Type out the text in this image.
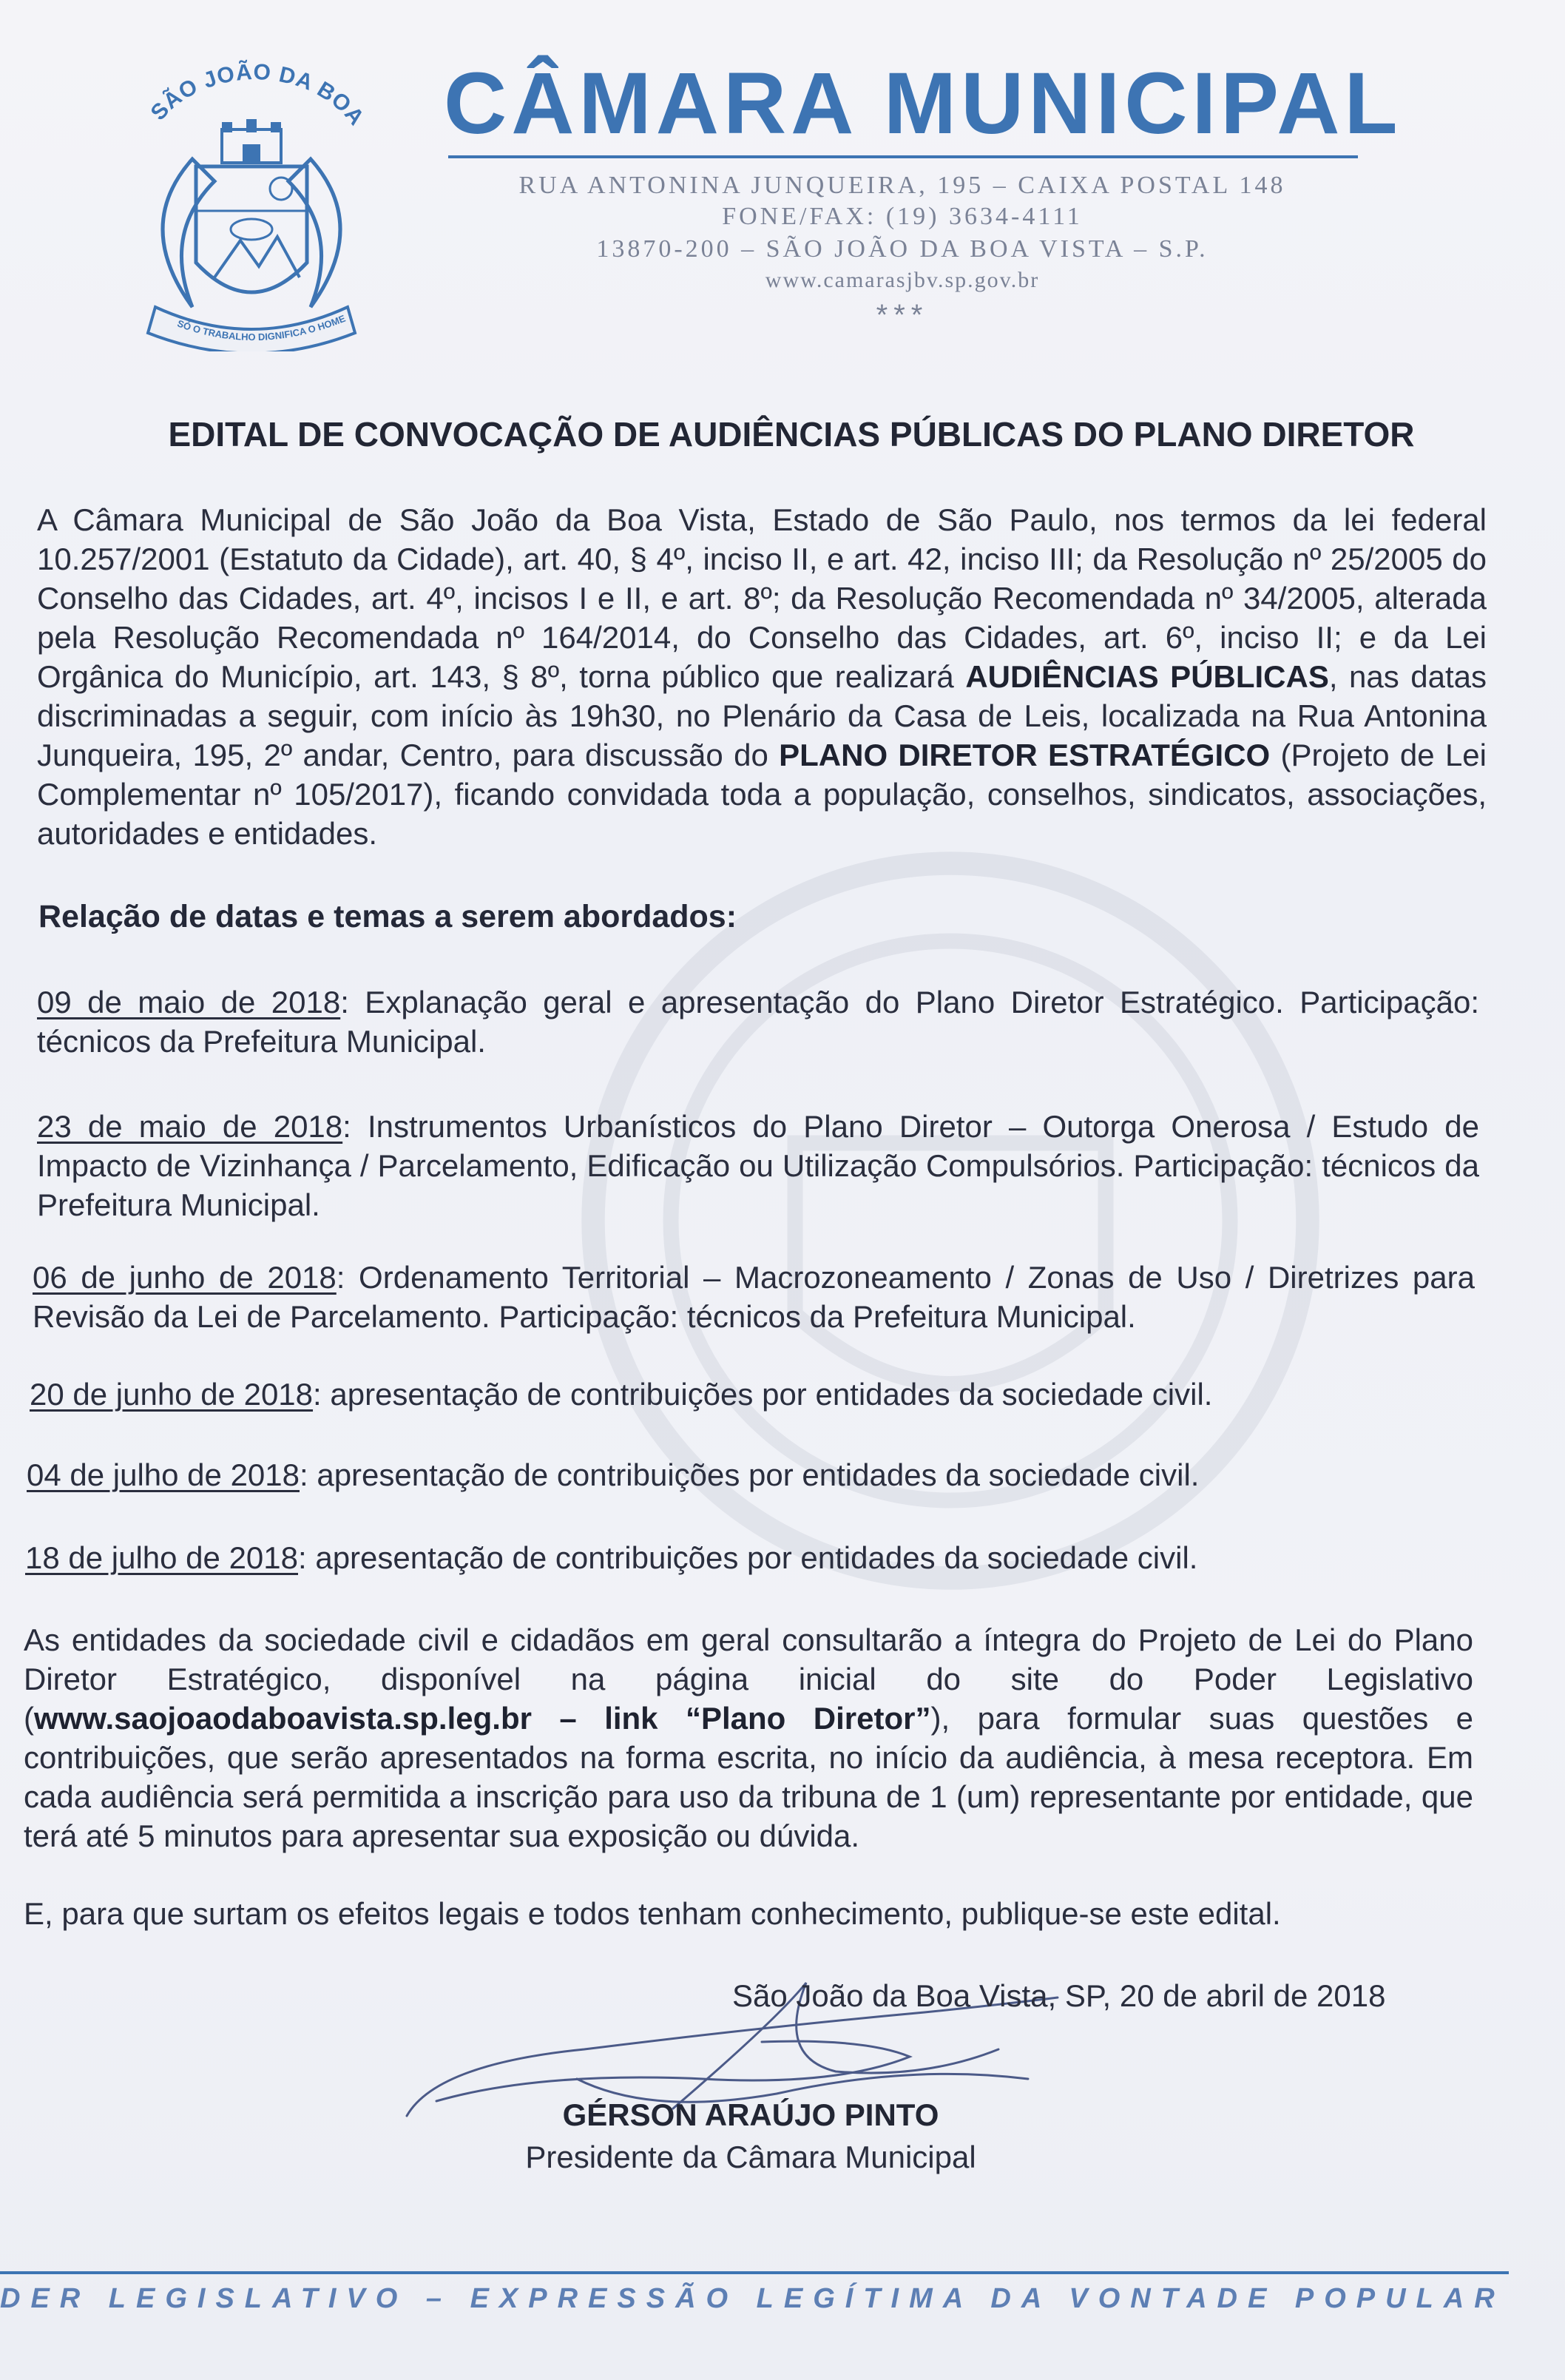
SÃO JOÃO DA BOA
SÓ O TRABALHO DIGNIFICA O HOME
CÂMARA MUNICIPAL
RUA ANTONINA JUNQUEIRA, 195 – CAIXA POSTAL 148
FONE/FAX: (19) 3634-4111
13870-200 – SÃO JOÃO DA BOA VISTA – S.P.
www.camarasjbv.sp.gov.br
***
EDITAL DE CONVOCAÇÃO DE AUDIÊNCIAS PÚBLICAS DO PLANO DIRETOR
A Câmara Municipal de São João da Boa Vista, Estado de São Paulo, nos termos da lei federal 10.257/2001 (Estatuto da Cidade), art. 40, § 4º, inciso II, e art. 42, inciso III; da Resolução nº 25/2005 do Conselho das Cidades, art. 4º, incisos I e II, e art. 8º; da Resolução Recomendada nº 34/2005, alterada pela Resolução Recomendada nº 164/2014, do Conselho das Cidades, art. 6º, inciso II; e da Lei Orgânica do Município, art. 143, § 8º, torna público que realizará AUDIÊNCIAS PÚBLICAS, nas datas discriminadas a seguir, com início às 19h30, no Plenário da Casa de Leis, localizada na Rua Antonina Junqueira, 195, 2º andar, Centro, para discussão do PLANO DIRETOR ESTRATÉGICO (Projeto de Lei Complementar nº 105/2017), ficando convidada toda a população, conselhos, sindicatos, associações, autoridades e entidades.
Relação de datas e temas a serem abordados:
09 de maio de 2018: Explanação geral e apresentação do Plano Diretor Estratégico. Participação: técnicos da Prefeitura Municipal.
23 de maio de 2018: Instrumentos Urbanísticos do Plano Diretor – Outorga Onerosa / Estudo de Impacto de Vizinhança / Parcelamento, Edificação ou Utilização Compulsórios. Participação: técnicos da Prefeitura Municipal.
06 de junho de 2018: Ordenamento Territorial – Macrozoneamento / Zonas de Uso / Diretrizes para Revisão da Lei de Parcelamento. Participação: técnicos da Prefeitura Municipal.
20 de junho de 2018: apresentação de contribuições por entidades da sociedade civil.
04 de julho de 2018: apresentação de contribuições por entidades da sociedade civil.
18 de julho de 2018: apresentação de contribuições por entidades da sociedade civil.
As entidades da sociedade civil e cidadãos em geral consultarão a íntegra do Projeto de Lei do Plano Diretor Estratégico, disponível na página inicial do site do Poder Legislativo (www.saojoaodaboavista.sp.leg.br – link “Plano Diretor”), para formular suas questões e contribuições, que serão apresentados na forma escrita, no início da audiência, à mesa receptora. Em cada audiência será permitida a inscrição para uso da tribuna de 1 (um) representante por entidade, que terá até 5 minutos para apresentar sua exposição ou dúvida.
E, para que surtam os efeitos legais e todos tenham conhecimento, publique-se este edital.
São João da Boa Vista, SP, 20 de abril de 2018
GÉRSON ARAÚJO PINTO
Presidente da Câmara Municipal
DER LEGISLATIVO – EXPRESSÃO LEGÍTIMA DA VONTADE POPULAR
